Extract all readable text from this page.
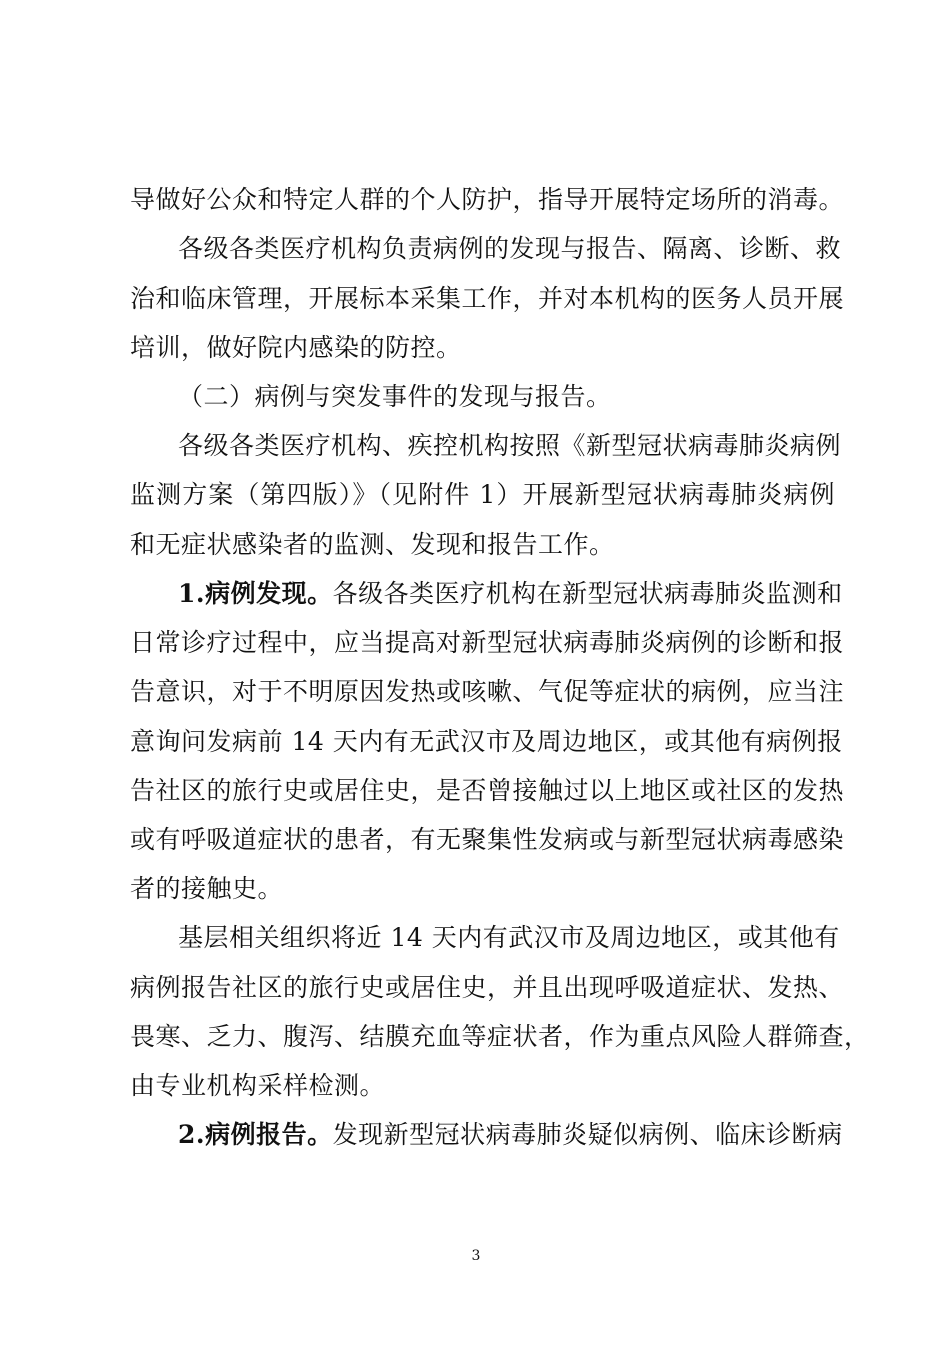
导做好公众和特定人群的个人防护，指导开展特定场所的消毒。
各级各类医疗机构负责病例的发现与报告、隔离、诊断、救
治和临床管理，开展标本采集工作，并对本机构的医务人员开展
培训，做好院内感染的防控。
（二）病例与突发事件的发现与报告。
各级各类医疗机构、疾控机构按照《新型冠状病毒肺炎病例
监测方案（第四版）》（见附件 1）开展新型冠状病毒肺炎病例
和无症状感染者的监测、发现和报告工作。
1.病例发现。各级各类医疗机构在新型冠状病毒肺炎监测和
日常诊疗过程中，应当提高对新型冠状病毒肺炎病例的诊断和报
告意识，对于不明原因发热或咳嗽、气促等症状的病例，应当注
意询问发病前 14 天内有无武汉市及周边地区，或其他有病例报
告社区的旅行史或居住史，是否曾接触过以上地区或社区的发热
或有呼吸道症状的患者，有无聚集性发病或与新型冠状病毒感染
者的接触史。
基层相关组织将近 14 天内有武汉市及周边地区，或其他有
病例报告社区的旅行史或居住史，并且出现呼吸道症状、发热、
畏寒、乏力、腹泻、结膜充血等症状者，作为重点风险人群筛查，
由专业机构采样检测。
2.病例报告。发现新型冠状病毒肺炎疑似病例、临床诊断病
3
